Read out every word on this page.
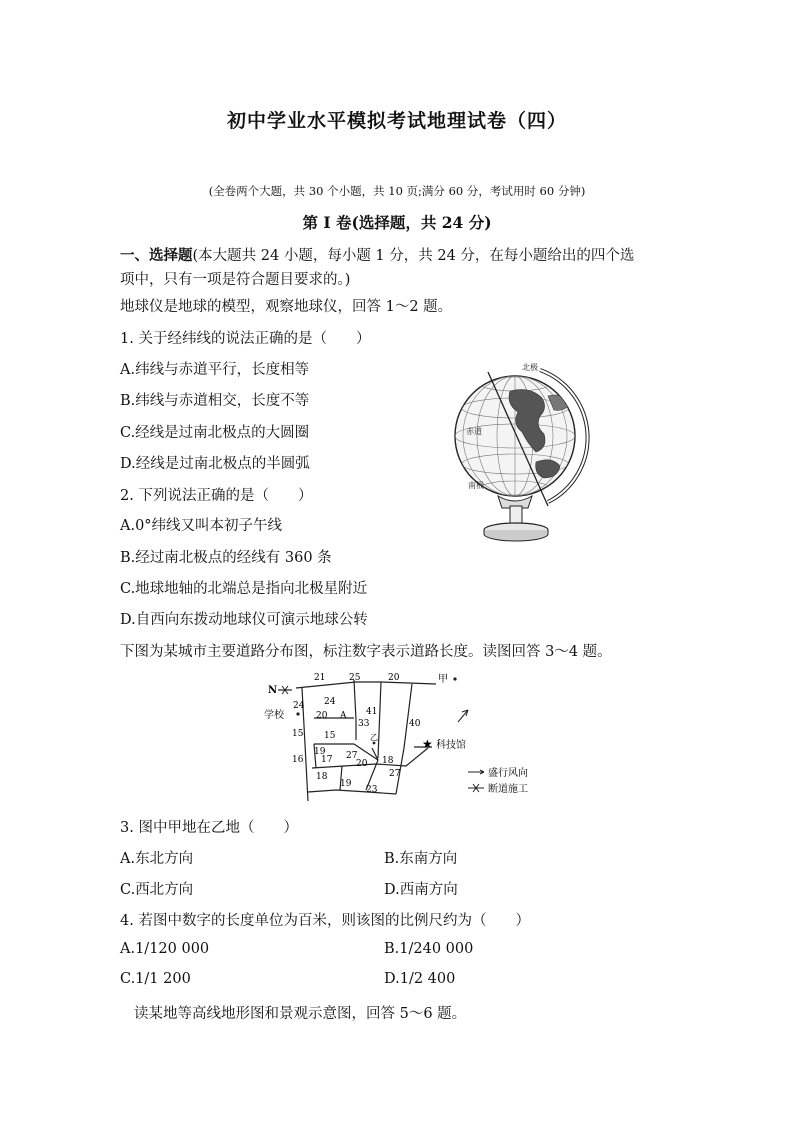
初中学业水平模拟考试地理试卷（四）
(全卷两个大题，共 30 个小题，共 10 页;满分 60 分，考试用时 60 分钟)
第 I 卷(选择题，共 24 分)
一、选择题(本大题共 24 小题，每小题 1 分，共 24 分，在每小题给出的四个选
项中，只有一项是符合题目要求的。)
地球仪是地球的模型，观察地球仪，回答 1～2 题。
1. 关于经纬线的说法正确的是（　　）
A.纬线与赤道平行，长度相等
B.纬线与赤道相交，长度不等
C.经线是过南北极点的大圆圈
D.经线是过南北极点的半圆弧
2. 下列说法正确的是（　　）
A.0°纬线又叫本初子午线
B.经过南北极点的经线有 360 条
C.地球地轴的北端总是指向北极星附近
D.自西向东拨动地球仪可演示地球公转
北极
赤道
南极
下图为某城市主要道路分布图，标注数字表示道路长度。读图回答 3～4 题。
N
学校
甲
A
乙	★ 科技馆
21	25	20
24 24
41
20
33	40
15 15
19 27
17	20 18
16
27
18
19
23
盛行风向
断道施工
3. 图中甲地在乙地（　　）
A.东北方向	B.东南方向
C.西北方向	D.西南方向
4. 若图中数字的长度单位为百米，则该图的比例尺约为（　　）
A.1/120 000	B.1/240 000
C.1/1 200	D.1/2 400
读某地等高线地形图和景观示意图，回答 5～6 题。
